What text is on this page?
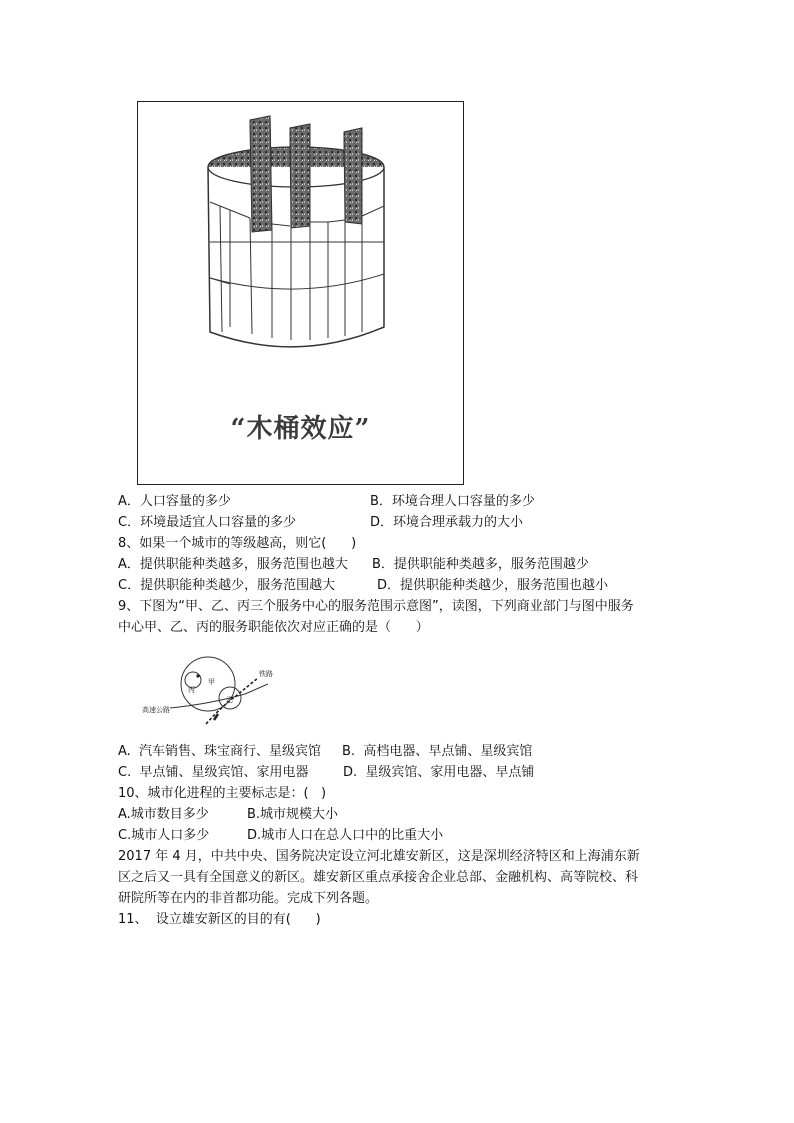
“木桶效应”
A．人口容量的多少	B．环境合理人口容量的多少
C．环境最适宜人口容量的多少	D．环境合理承载力的大小
8、如果一个城市的等级越高，则它(      )
A．提供职能种类越多，服务范围也越大 B．提供职能种类越多，服务范围越少
C．提供职能种类越少，服务范围越大	D．提供职能种类越少，服务范围也越小
9、下图为“甲、乙、丙三个服务中心的服务范围示意图”，读图，下列商业部门与图中服务
中心甲、乙、丙的服务职能依次对应正确的是（      ）
铁路
高速公路
甲
乙
丙
A.  汽车销售、珠宝商行、星级宾馆 B.  高档电器、早点铺、星级宾馆
C.  早点铺、星级宾馆、家用电器	D.  星级宾馆、家用电器、早点铺
10、城市化进程的主要标志是：(   )
A.城市数目多少	B.城市规模大小
C.城市人口多少	D.城市人口在总人口中的比重大小
2017 年 4 月，中共中央、国务院决定设立河北雄安新区，这是深圳经济特区和上海浦东新
区之后又一具有全国意义的新区。雄安新区重点承接舍企业总部、金融机构、高等院校、科
研院所等在内的非首都功能。完成下列各题。
11、  设立雄安新区的目的有(      )
